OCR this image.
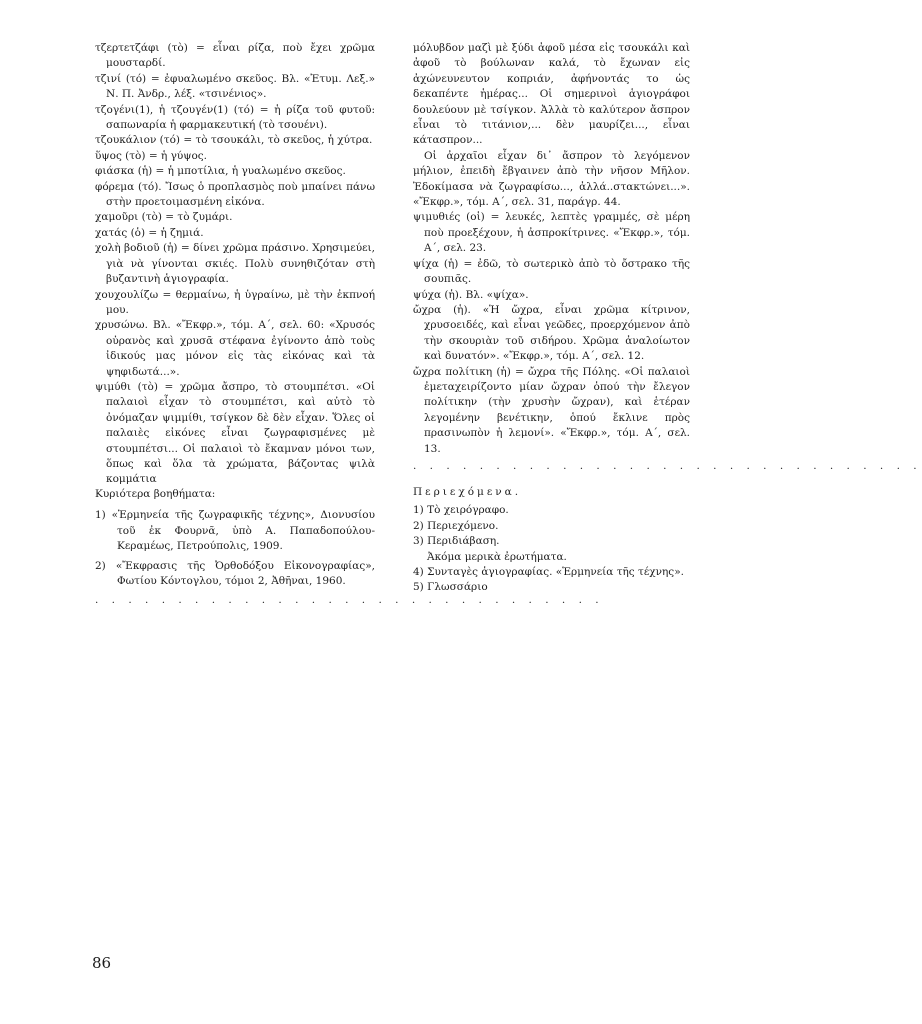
τζερτετζάφι (τὸ) = εἶναι ρίζα, ποὺ ἔχει χρῶμα μουσταρδί.
τζινί (τό) = ἐφυαλωμένο σκεῦος. Βλ. «Ἐτυμ. Λεξ.» Ν. Π. Ἀνδρ., λέξ. «τσινένιος».
τζογένι(1), ἡ τζουγέν(1) (τό) = ἡ ρίζα τοῦ φυτοῦ: σαπωναρία ἡ φαρμακευτική (τὸ τσουένι).
τζουκάλιον (τό) = τὸ τσουκάλι, τὸ σκεῦος, ἡ χύτρα.
ὕψος (τὸ) = ἡ γύψος.
φιάσκα (ἡ) = ἡ μποτίλια, ἡ γυαλωμένο σκεῦος.
φόρεμα (τό). Ἴσως ὁ προπλασμὸς ποὺ μπαίνει πάνω στὴν προετοιμασμένη εἰκόνα.
χαμοῦρι (τὸ) = τὸ ζυμάρι.
χατάς (ὁ) = ἡ ζημιά.
χολὴ βοδιοῦ (ἡ) = δίνει χρῶμα πράσινο. Χρησιμεύει, γιὰ νὰ γίνονται σκιές. Πολὺ συνηθιζόταν στὴ βυζαντινὴ ἁγιογραφία.
χουχουλίζω = θερμαίνω, ἡ ὑγραίνω, μὲ τὴν ἐκπνοή μου.
χρυσώνω. Βλ. «Ἔκφρ.», τόμ. Α΄, σελ. 60: «Χρυσός οὐρανὸς καὶ χρυσᾶ στέφανα ἐγίνοντο ἀπὸ τοὺς ἰδικούς μας μόνον εἰς τὰς εἰκόνας καὶ τὰ ψηφιδωτά...».
ψιμύθι (τὸ) = χρῶμα ἄσπρο, τὸ στουμπέτσι. «Οἱ παλαιοὶ εἶχαν τὸ στουμπέτσι, καὶ αὐτὸ τὸ ὀνόμαζαν ψιμμίθι, τσίγκον δὲ δὲν εἶχαν. Ὅλες οἱ παλαιὲς εἰκόνες εἶναι ζωγραφισμένες μὲ στουμπέτσι... Οἱ παλαιοὶ τὸ ἔκαμναν μόνοι των, ὅπως καὶ ὅλα τὰ χρώματα, βάζοντας ψιλὰ κομμάτια
μόλυβδον μαζὶ μὲ ξύδι ἀφοῦ μέσα εἰς τσουκάλι καὶ ἀφοῦ τὸ βούλωναν καλά, τὸ ἔχωναν εἰς ἀχώνευνευτον κοπριάν, ἀφήνοντάς το ὡς δεκαπέντε ἡμέρας... Οἱ σημερινοὶ ἁγιογράφοι δουλεύουν μὲ τσίγκον. Ἀλλὰ τὸ καλύτερον ἄσπρον εἶναι τὸ τιτάνιον,... δὲν μαυρίζει..., εἶναι κάτασπρον...
Οἱ ἀρχαῖοι εἶχαν δι᾿ ἄσπρον τὸ λεγόμενον μήλιον, ἐπειδὴ ἔβγαινεν ἀπὸ τὴν νῆσον Μῆλον. Ἐδοκίμασα νὰ ζωγραφίσω..., ἀλλά..στακτώνει...». «Ἔκφρ.», τόμ. Α΄, σελ. 31, παράγρ. 44.
ψιμυθιές (οἱ) = λευκές, λεπτὲς γραμμές, σὲ μέρη ποὺ προεξέχουν, ἡ ἀσπροκίτρινες. «Ἔκφρ.», τόμ. Α΄, σελ. 23.
ψίχα (ἡ) = ἐδῶ, τὸ σωτερικὸ ἀπὸ τὸ ὄστρακο τῆς σουπιᾶς.
ψύχα (ἡ). Βλ. «ψίχα».
ὤχρα (ἡ). «Ἡ ὤχρα, εἶναι χρῶμα κίτρινον, χρυσοειδές, καὶ εἶναι γεῶδες, προερχόμενον ἀπὸ τὴν σκουριὰν τοῦ σιδήρου. Χρῶμα ἀναλοίωτον καὶ δυνατόν». «Ἔκφρ.», τόμ. Α΄, σελ. 12.
ὤχρα πολίτικη (ἡ) = ὤχρα τῆς Πόλης. «Οἱ παλαιοὶ ἐμεταχειρίζοντο μίαν ὤχραν ὁπού τὴν ἔλεγον πολίτικην (τὴν χρυσὴν ὤχραν), καὶ ἑτέραν λεγομένην βενέτικην, ὁπού ἔκλινε πρὸς πρασινωπὸν ἡ λεμονί». «Ἔκφρ.», τόμ. Α΄, σελ. 13.
. . . . . . . . . . . . . . . . . . . . . . . . . . . . . . .
Κυριότερα βοηθήματα:
1) «Ἑρμηνεία τῆς ζωγραφικῆς τέχνης», Διονυσίου τοῦ ἐκ Φουρνᾶ, ὑπὸ Α. Παπαδοπούλου-Κεραμέως, Πετρούπολις, 1909.
2) «Ἔκφρασις τῆς Ὀρθοδόξου Εἰκονογραφίας», Φωτίου Κόντογλου, τόμοι 2, Ἀθῆναι, 1960.
. . . . . . . . . . . . . . . . . . . . . . . . . . . . . . .
Περιεχόμενα.
1) Τὸ χειρόγραφο.
2) Περιεχόμενο.
3) Περιδιάβαση.
Ἀκόμα μερικὰ ἐρωτήματα.
4) Συνταγὲς ἁγιογραφίας. «Ἑρμηνεία τῆς τέχνης».
5) Γλωσσάριο
86
